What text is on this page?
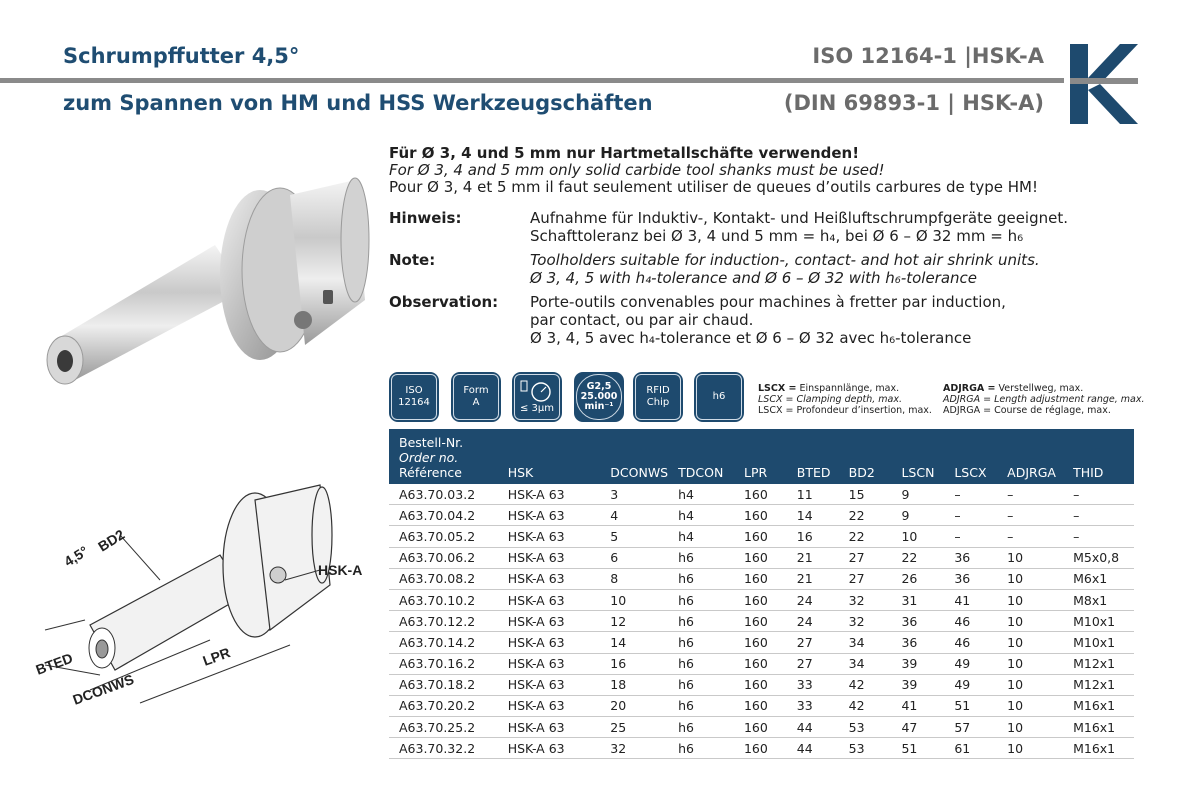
Schrumpffutter 4,5°	ISO 12164-1 |HSK-A
zum Spannen von HM und HSS Werkzeugschäften	(DIN 69893-1 | HSK-A)
4,5°
BD2
HSK-A
BTED
DCONWS
LPR
Für Ø 3, 4 und 5 mm nur Hartmetallschäfte verwenden!
For Ø 3, 4 and 5 mm only solid carbide tool shanks must be used!
Pour Ø 3, 4 et 5 mm il faut seulement utiliser de queues d’outils carbures de type HM!
Hinweis:	Aufnahme für Induktiv-, Kontakt- und Heißluftschrumpfgeräte geeignet.
Schafttoleranz bei Ø 3, 4 und 5 mm = h₄, bei Ø 6 – Ø 32 mm = h₆
Note:	Toolholders suitable for induction-, contact- and hot air shrink units.
Ø 3, 4, 5 with h₄-tolerance and Ø 6 – Ø 32 with h₆-tolerance
Observation: Porte-outils convenables pour machines à fretter par induction,
par contact, ou par air chaud.
Ø 3, 4, 5 avec h₄-tolerance et Ø 6 – Ø 32 avec h₆-tolerance
ISO
12164
Form
A
≤ 3µm
G2,5
25.000
min⁻¹
RFID
Chip
h6
LSCX = Einspannlänge, max.
LSCX = Clamping depth, max.
LSCX = Profondeur d’insertion, max.
ADJRGA = Verstellweg, max.
ADJRGA = Length adjustment range, max.
ADJRGA = Course de réglage, max.
Bestell-Nr.
Order no.
Référence	HSK	DCONWS	TDCON	LPR	BTED	BD2	LSCN	LSCX	ADJRGA	THID
A63.70.03.2	HSK-A 63	3	h4	160	11	15	9	–	–	–
A63.70.04.2	HSK-A 63	4	h4	160	14	22	9	–	–	–
A63.70.05.2	HSK-A 63	5	h4	160	16	22	10	–	–	–
A63.70.06.2	HSK-A 63	6	h6	160	21	27	22	36	10	M5x0,8
A63.70.08.2	HSK-A 63	8	h6	160	21	27	26	36	10	M6x1
A63.70.10.2	HSK-A 63	10	h6	160	24	32	31	41	10	M8x1
A63.70.12.2	HSK-A 63	12	h6	160	24	32	36	46	10	M10x1
A63.70.14.2	HSK-A 63	14	h6	160	27	34	36	46	10	M10x1
A63.70.16.2	HSK-A 63	16	h6	160	27	34	39	49	10	M12x1
A63.70.18.2	HSK-A 63	18	h6	160	33	42	39	49	10	M12x1
A63.70.20.2	HSK-A 63	20	h6	160	33	42	41	51	10	M16x1
A63.70.25.2	HSK-A 63	25	h6	160	44	53	47	57	10	M16x1
A63.70.32.2	HSK-A 63	32	h6	160	44	53	51	61	10	M16x1
